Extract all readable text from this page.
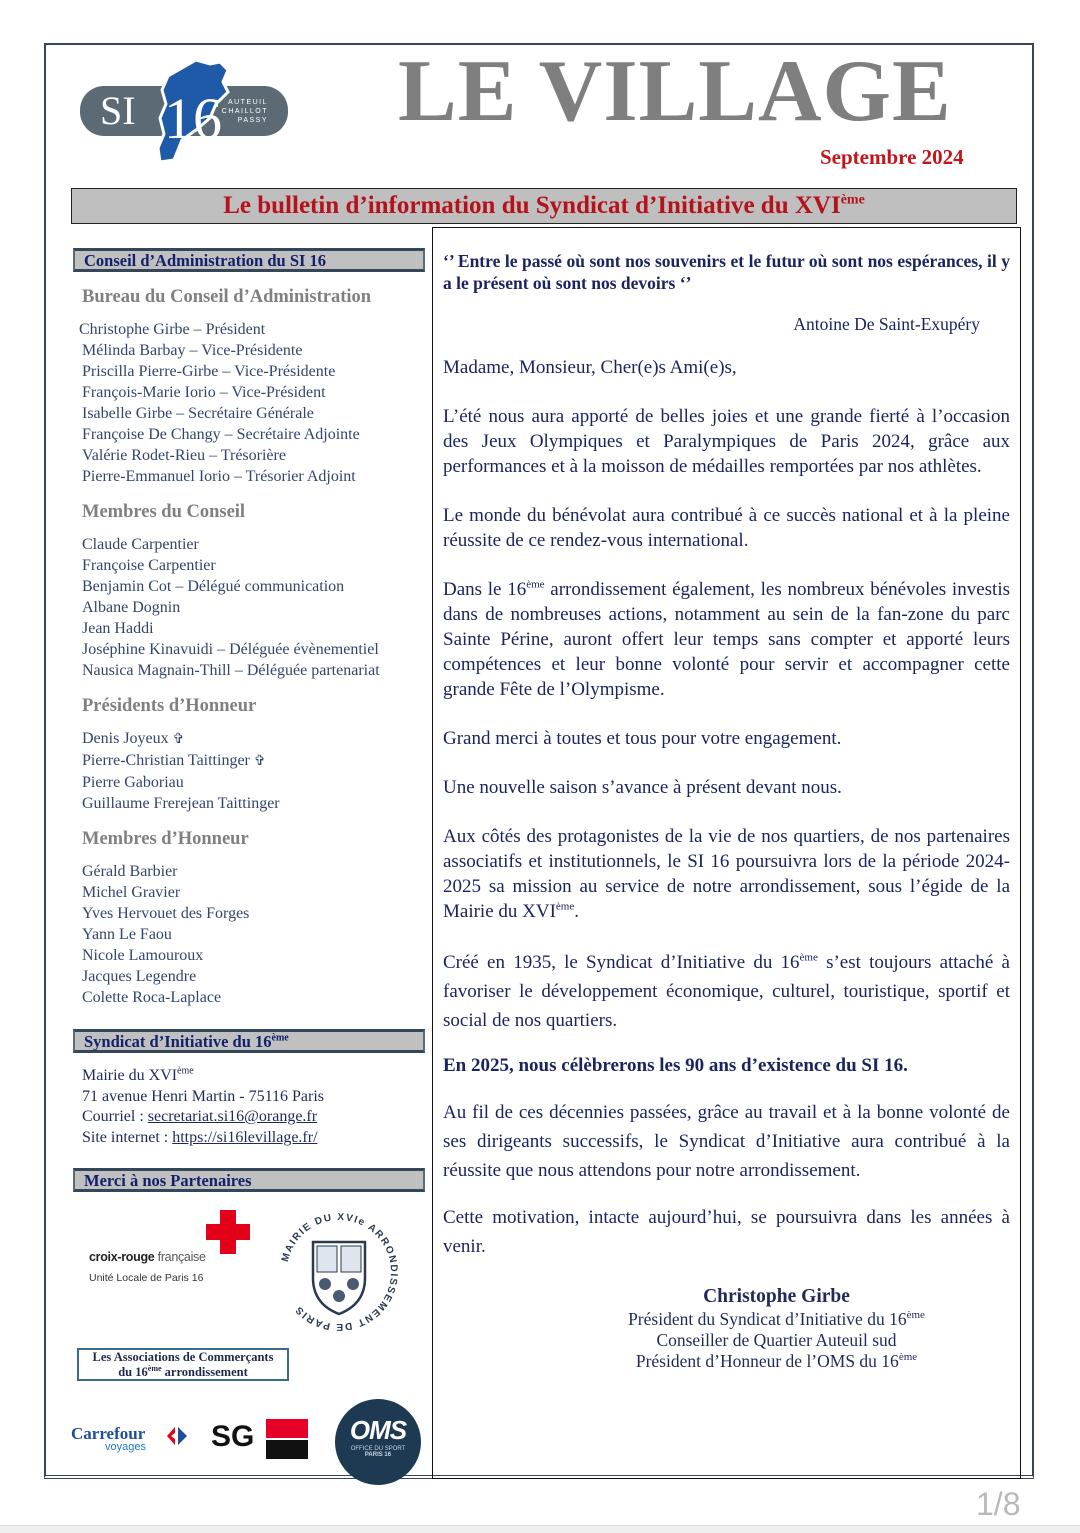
SI 16 AUTEUIL
CHAILLOT
PASSY LE VILLAGE
Septembre 2024
Le bulletin d’information du Syndicat d’Initiative du XVIème
Conseil d’Administration du SI 16
Bureau du Conseil d’Administration
Christophe Girbe – Président
Mélinda Barbay – Vice-Présidente
Priscilla Pierre-Girbe – Vice-Présidente
François-Marie Iorio – Vice-Président
Isabelle Girbe – Secrétaire Générale
Françoise De Changy – Secrétaire Adjointe
Valérie Rodet-Rieu – Trésorière
Pierre-Emmanuel Iorio – Trésorier Adjoint
Membres du Conseil
Claude Carpentier
Françoise Carpentier
Benjamin Cot – Délégué communication
Albane Dognin
Jean Haddi
Joséphine Kinavuidi – Déléguée évènementiel
Nausica Magnain-Thill – Déléguée partenariat
Présidents d’Honneur
Denis Joyeux ✞
Pierre-Christian Taittinger ✞
Pierre Gaboriau
Guillaume Frerejean Taittinger
Membres d’Honneur
Gérald Barbier
Michel Gravier
Yves Hervouet des Forges
Yann Le Faou
Nicole Lamouroux
Jacques Legendre
Colette Roca-Laplace
Syndicat d’Initiative du 16ème
Mairie du XVIème
71 avenue Henri Martin - 75116 Paris
Courriel : secretariat.si16@orange.fr
Site internet : https://si16levillage.fr/
Merci à nos Partenaires
croix-rouge française
Unité Locale de Paris 16
MAIRIE DU XVIe ARRONDISSEMENT DE PARIS
Les Associations de Commerçants
du 16ème arrondissement
Carrefour
voyages SG	OMS
OFFICE DU SPORT
PARIS 16

‘’ Entre le passé où sont nos souvenirs et le futur où sont nos espérances, il y a le présent où sont nos devoirs ‘’

Antoine De Saint-Exupéry

Madame, Monsieur, Cher(e)s Ami(e)s,

L’été nous aura apporté de belles joies et une grande fierté à l’occasion des Jeux Olympiques et Paralympiques de Paris 2024, grâce aux performances et à la moisson de médailles remportées par nos athlètes.

Le monde du bénévolat aura contribué à ce succès national et à la pleine réussite de ce rendez-vous international.

Dans le 16ème arrondissement également, les nombreux bénévoles investis dans de nombreuses actions, notamment au sein de la fan-zone du parc Sainte Périne, auront offert leur temps sans compter et apporté leurs compétences et leur bonne volonté pour servir et accompagner cette grande Fête de l’Olympisme.

Grand merci à toutes et tous pour votre engagement.

Une nouvelle saison s’avance à présent devant nous.

Aux côtés des protagonistes de la vie de nos quartiers, de nos partenaires associatifs et institutionnels, le SI 16 poursuivra lors de la période 2024-2025 sa mission au service de notre arrondissement, sous l’égide de la Mairie du XVIème.

Créé en 1935, le Syndicat d’Initiative du 16ème s’est toujours attaché à favoriser le développement économique, culturel, touristique, sportif et social de nos quartiers.

En 2025, nous célèbrerons les 90 ans d’existence du SI 16.

Au fil de ces décennies passées, grâce au travail et à la bonne volonté de ses dirigeants successifs, le Syndicat d’Initiative aura contribué à la réussite que nous attendons pour notre arrondissement.

Cette motivation, intacte aujourd’hui, se poursuivra dans les années à venir.

Christophe Girbe
Président du Syndicat d’Initiative du 16ème
Conseiller de Quartier Auteuil sud
Président d’Honneur de l’OMS du 16ème
1/8
